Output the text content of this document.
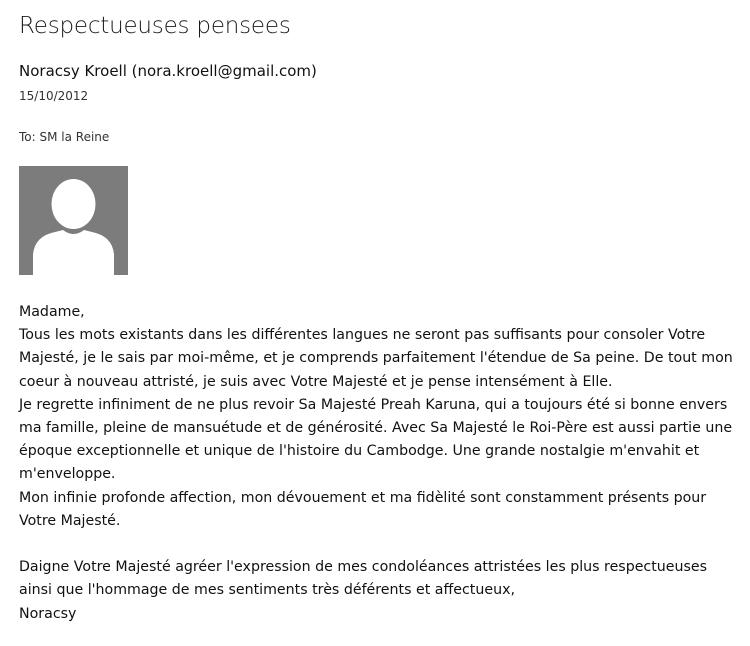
Respectueuses pensees
Noracsy Kroell (nora.kroell@gmail.com)
15/10/2012
To: SM la Reine

Madame,

Tous les mots existants dans les différentes langues ne seront pas suffisants pour consoler Votre

Majesté, je le sais par moi-même, et je comprends parfaitement l'étendue de Sa peine. De tout mon

coeur à nouveau attristé, je suis avec Votre Majesté et je pense intensément à Elle.

Je regrette infiniment de ne plus revoir Sa Majesté Preah Karuna, qui a toujours été si bonne envers

ma famille, pleine de mansuétude et de générosité. Avec Sa Majesté le Roi-Père est aussi partie une

époque exceptionnelle et unique de l'histoire du Cambodge. Une grande nostalgie m'envahit et

m'enveloppe.

Mon infinie profonde affection, mon dévouement et ma fidèlité sont constamment présents pour

Votre Majesté.

Daigne Votre Majesté agréer l'expression de mes condoléances attristées les plus respectueuses

ainsi que l'hommage de mes sentiments très déférents et affectueux,

Noracsy
